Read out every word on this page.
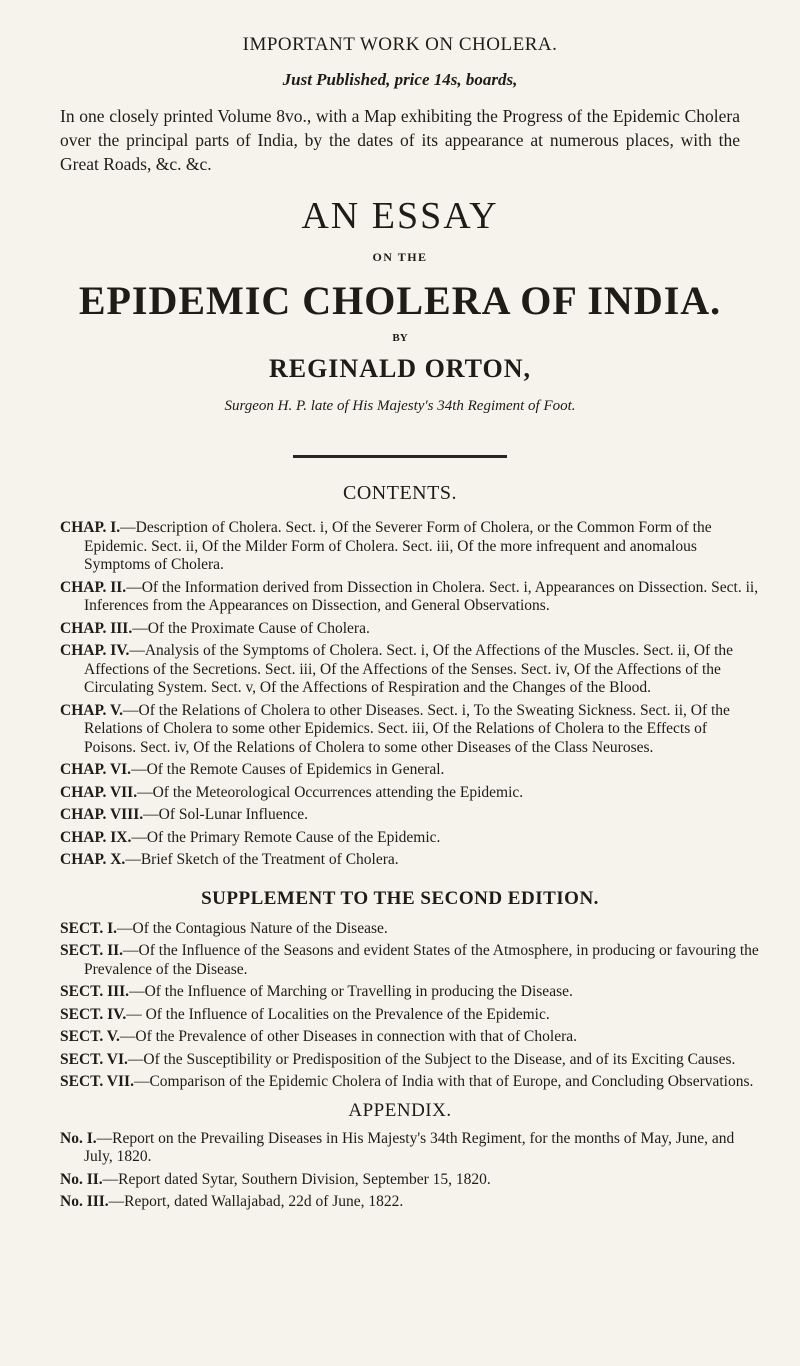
IMPORTANT WORK ON CHOLERA.
Just Published, price 14s, boards,
In one closely printed Volume 8vo., with a Map exhibiting the Progress of the Epidemic Cholera over the principal parts of India, by the dates of its appearance at numerous places, with the Great Roads, &c. &c.
AN ESSAY
ON THE
EPIDEMIC CHOLERA OF INDIA.
BY
REGINALD ORTON,
Surgeon H. P. late of His Majesty's 34th Regiment of Foot.
CONTENTS.
CHAP. I.—Description of Cholera. Sect. i, Of the Severer Form of Cholera, or the Common Form of the Epidemic. Sect. ii, Of the Milder Form of Cholera. Sect. iii, Of the more infrequent and anomalous Symptoms of Cholera.
CHAP. II.—Of the Information derived from Dissection in Cholera. Sect. i, Appearances on Dissection. Sect. ii, Inferences from the Appearances on Dissection, and General Observations.
CHAP. III.—Of the Proximate Cause of Cholera.
CHAP. IV.—Analysis of the Symptoms of Cholera. Sect. i, Of the Affections of the Muscles. Sect. ii, Of the Affections of the Secretions. Sect. iii, Of the Affections of the Senses. Sect. iv, Of the Affections of the Circulating System. Sect. v, Of the Affections of Respiration and the Changes of the Blood.
CHAP. V.—Of the Relations of Cholera to other Diseases. Sect. i, To the Sweating Sickness. Sect. ii, Of the Relations of Cholera to some other Epidemics. Sect. iii, Of the Relations of Cholera to the Effects of Poisons. Sect. iv, Of the Relations of Cholera to some other Diseases of the Class Neuroses.
CHAP. VI.—Of the Remote Causes of Epidemics in General.
CHAP. VII.—Of the Meteorological Occurrences attending the Epidemic.
CHAP. VIII.—Of Sol-Lunar Influence.
CHAP. IX.—Of the Primary Remote Cause of the Epidemic.
CHAP. X.—Brief Sketch of the Treatment of Cholera.
SUPPLEMENT TO THE SECOND EDITION.
SECT. I.—Of the Contagious Nature of the Disease.
SECT. II.—Of the Influence of the Seasons and evident States of the Atmosphere, in producing or favouring the Prevalence of the Disease.
SECT. III.—Of the Influence of Marching or Travelling in producing the Disease.
SECT. IV.— Of the Influence of Localities on the Prevalence of the Epidemic.
SECT. V.—Of the Prevalence of other Diseases in connection with that of Cholera.
SECT. VI.—Of the Susceptibility or Predisposition of the Subject to the Disease, and of its Exciting Causes.
SECT. VII.—Comparison of the Epidemic Cholera of India with that of Europe, and Concluding Observations.
APPENDIX.
No. I.—Report on the Prevailing Diseases in His Majesty's 34th Regiment, for the months of May, June, and July, 1820.
No. II.—Report dated Sytar, Southern Division, September 15, 1820.
No. III.—Report, dated Wallajabad, 22d of June, 1822.
